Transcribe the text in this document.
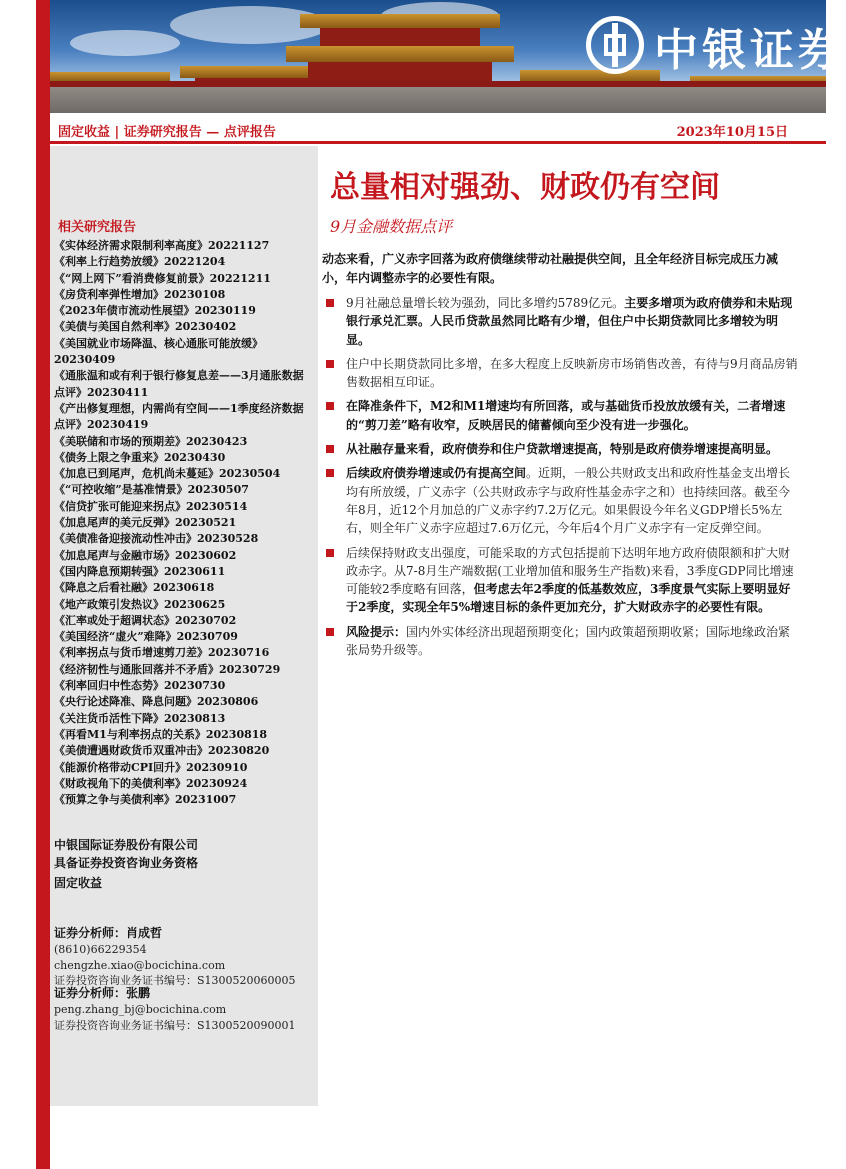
中银证券
固定收益 | 证券研究报告 — 点评报告	2023年10月15日
相关研究报告
《实体经济需求限制利率高度》20221127
《利率上行趋势放缓》20221204
《“网上网下”看消费修复前景》20221211
《房贷利率弹性增加》20230108
《2023年债市流动性展望》20230119
《美债与美国自然利率》20230402
《美国就业市场降温、核心通胀可能放缓》20230409
《通胀温和或有利于银行修复息差——3月通胀数据点评》20230411
《产出修复理想，内需尚有空间——1季度经济数据点评》20230419
《美联储和市场的预期差》20230423
《债务上限之争重来》20230430
《加息已到尾声，危机尚未蔓延》20230504
《“可控收缩”是基准情景》20230507
《信贷扩张可能迎来拐点》20230514
《加息尾声的美元反弹》20230521
《美债准备迎接流动性冲击》20230528
《加息尾声与金融市场》20230602
《国内降息预期转强》20230611
《降息之后看社融》20230618
《地产政策引发热议》20230625
《汇率或处于超调状态》20230702
《美国经济“虚火”难降》20230709
《利率拐点与货币增速剪刀差》20230716
《经济韧性与通胀回落并不矛盾》20230729
《利率回归中性态势》20230730
《央行论述降准、降息问题》20230806
《关注货币活性下降》20230813
《再看M1与利率拐点的关系》20230818
《美债遭遇财政货币双重冲击》20230820
《能源价格带动CPI回升》20230910
《财政视角下的美债利率》20230924
《预算之争与美债利率》20231007
中银国际证券股份有限公司
具备证券投资咨询业务资格
固定收益
证券分析师：肖成哲
(8610)66229354
chengzhe.xiao@bocichina.com
证券投资咨询业务证书编号：S1300520060005
证券分析师：张鹏
peng.zhang_bj@bocichina.com
证券投资咨询业务证书编号：S1300520090001
总量相对强劲、财政仍有空间
9月金融数据点评
动态来看，广义赤字回落为政府债继续带动社融提供空间，且全年经济目标完成压力减小，年内调整赤字的必要性有限。
9月社融总量增长较为强劲，同比多增约5789亿元。主要多增项为政府债券和未贴现银行承兑汇票。人民币贷款虽然同比略有少增，但住户中长期贷款同比多增较为明显。
住户中长期贷款同比多增，在多大程度上反映新房市场销售改善，有待与9月商品房销售数据相互印证。
在降准条件下，M2和M1增速均有所回落，或与基础货币投放放缓有关，二者增速的“剪刀差”略有收窄，反映居民的储蓄倾向至少没有进一步强化。
从社融存量来看，政府债券和住户贷款增速提高，特别是政府债券增速提高明显。
后续政府债券增速或仍有提高空间。近期，一般公共财政支出和政府性基金支出增长均有所放缓，广义赤字（公共财政赤字与政府性基金赤字之和）也持续回落。截至今年8月，近12个月加总的广义赤字约7.2万亿元。如果假设今年名义GDP增长5%左右，则全年广义赤字应超过7.6万亿元，今年后4个月广义赤字有一定反弹空间。
后续保持财政支出强度，可能采取的方式包括提前下达明年地方政府债限额和扩大财政赤字。从7-8月生产端数据(工业增加值和服务生产指数)来看，3季度GDP同比增速可能较2季度略有回落，但考虑去年2季度的低基数效应，3季度景气实际上要明显好于2季度，实现全年5%增速目标的条件更加充分，扩大财政赤字的必要性有限。
风险提示：国内外实体经济出现超预期变化；国内政策超预期收紧；国际地缘政治紧张局势升级等。
